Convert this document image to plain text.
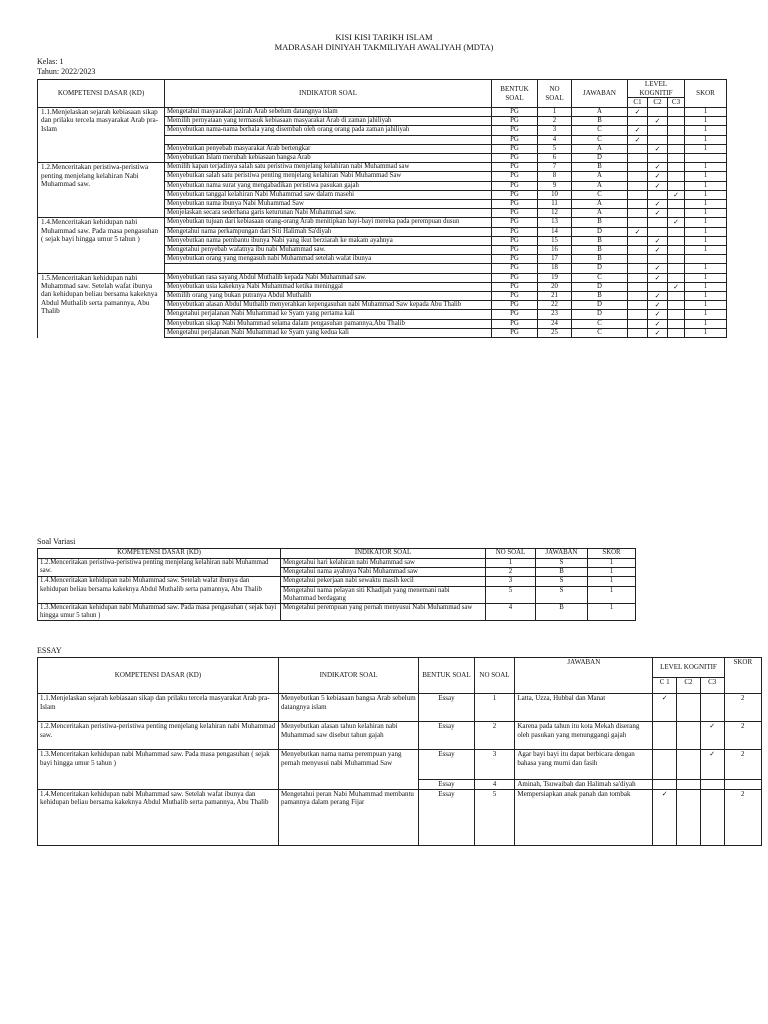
KISI KISI TARIKH ISLAM
MADRASAH DINIYAH TAKMILIYAH AWALIYAH (MDTA)
Kelas: 1
Tahun: 2022/2023
KOMPETENSI DASAR (KD)	INDIKATOR SOAL	BENTUK SOAL	NO SOAL	JAWABAN	LEVEL KOGNITIF			SKOR
					C1	C2	C3	
1.1.Menjelaskan sejarah kebiasaan sikap dan prilaku tercela masyarakat Arab pra-Islam	Mengetahui masyarakat jazirah Arab sebelum datangnya islam	PG	1	A	✓			1
	Memilih pernyataan yang termasuk kebiasaan masyarakat Arab di zaman jahiliyah	PG	2	B		✓		1
	Menyebutkan nama-nama berhala yang disembah oleh orang orang pada zaman jahiliyah	PG	3	C	✓			1
		PG	4	C	✓			1
	Menyebutkan penyebab masyarakat Arab bertengkar	PG	5	A		✓		1
	Menyebutkan Islam merubah kebiasaan bangsa Arab	PG	6	D				
1.2.Menceritakan peristiwa-peristiwa penting menjelang kelahiran Nabi Muhammad saw.	Memilih kapan terjadinya salah satu peristiwa menjelang kelahiran nabi Muhammad saw	PG	7	B		✓		1
	Menyebutkan salah satu peristiwa penting menjelang kelahiran Nabi Muhammad Saw	PG	8	A		✓		1
	Menyebutkan nama surat yang mengabadikan peristiwa pasukan gajah	PG	9	A		✓		1
	Menyebutkan tanggal kelahiran Nabi Muhammad saw dalam masehi	PG	10	C			✓	1
	Menyebutkan nama ibunya Nabi Muhammad Saw	PG	11	A		✓		1
	Menjelaskan secara sederhana garis keturunan Nabi Muhammad saw.	PG	12	A		✓		1
1.4.Menceritakan kehidupan nabi Muhammad saw. Pada masa pengasuhan ( sejak bayi hingga umur 5 tahun )	Menyebutkan tujuan dari kebiasaan orang-orang Arab menitipkan bayi-bayi mereka pada perempuan dusun	PG	13	B			✓	1
	Mengetahui nama perkampungan dari Siti Halimah Sa'diyah	PG	14	D	✓			1
	Menyebutkan nama pembantu ibunya Nabi yang ikut berziarah ke makam ayahnya	PG	15	B		✓		1
	Mengetahui penyebab wafatnya ibu nabi Muhammad saw.	PG	16	B		✓		1
	Menyebutkan orang yang mengasuh nabi Muhammad setelah wafat ibunya	PG	17	B				
		PG	18	D		✓		1
1.5.Menceritakan kehidupan nabi Muhammad saw. Setelah wafat ibunya dan kehidupan beliau bersama kakeknya Abdul Muthalib serta pamannya, Abu Thalib	Menyebutkan rasa sayang Abdul Muthalib kepada Nabi Muhammad saw.	PG	19	C		✓		1
	Menyebutkan usia kakeknya Nabi Muhammad ketika meninggal	PG	20	D			✓	1
	Memilih orang yang bukan putranya Abdul Muthalib	PG	21	B		✓		1
	Menyebutkan alasan Abdul Muthalib menyerahkan kepengasuhan nabi Muhammad Saw kepada Abu Thalib	PG	22	D		✓		1
	Mengetahui perjalanan Nabi Muhammad ke Syam yang pertama kali	PG	23	D		✓		1
	Menyebutkan sikap Nabi Muhammad selama dalam pengasuhan pamannya,Abu Thalib	PG	24	C		✓		1
	Mengetahui perjalanan Nabi Muhammad ke Syam yang kedua kali	PG	25	C		✓		1
Soal Variasi
KOMPETENSI DASAR (KD)	INDIKATOR SOAL	NO SOAL	JAWABAN	SKOR
1.2.Menceritakan peristiwa-peristiwa penting menjelang kelahiran nabi Muhammad saw.	Mengetahui hari kelahiran nabi Muhammad saw	1	S	1
	Mengetahui nama ayahnya Nabi Muhammad saw	2	B	1
1.4.Menceritakan kehidupan nabi Muhammad saw. Setelah wafat ibunya dan kehidupan beliau bersama kakeknya Abdul Muthalib serta pamannya, Abu Thalib	Mengetahui pekerjaan nabi sewaktu masih kecil	3	S	1
	Mengetahui nama pelayan siti Khadijah yang menemani nabi Muhammad berdagang	5	S	1
1.3.Menceritakan kehidupan nabi Muhammad saw. Pada masa pengasuhan ( sejak bayi hingga umur 5 tahun )	Mengetahui perempuan yang pernah menyusui Nabi Muhammad saw	4	B	1
ESSAY
KOMPETENSI DASAR (KD)	INDIKATOR SOAL	BENTUK SOAL	NO SOAL	JAWABAN	LEVEL KOGNITIF			SKOR
					C 1	C2	C3	
1.1.Menjelaskan sejarah kebiasaan sikap dan prilaku tercela masyarakat Arab pra-Islam	Menyebutkan 5 kebiasaan bangsa Arab sebelum datangnya islam	Essay	1	Latta, Uzza, Hubbal dan Manat	✓			2
1.2.Menceritakan peristiwa-peristiwa penting menjelang kelahiran nabi Muhammad saw.	Menyebutkan alasan tahun kelahiran nabi Muhammad saw disebut tahun gajah	Essay	2	Karena pada tahun itu kota Mekah diserang oleh pasukan yang menunggangi gajah			✓	2
1.3.Menceritakan kehidupan nabi Muhammad saw. Pada masa pengasuhan ( sejak bayi hingga umur 5 tahun )	Menyebutkan nama nama perempuan yang pernah menyusui nabi Muhammad Saw	Essay	3	Agar bayi bayi itu dapat berbicara dengan bahasa yang murni dan fasih			✓	2
		Essay	4	Aminah, Tsuwaibah dan Halimah sa'diyah				
1.4.Menceritakan kehidupan nabi Muhammad saw. Setelah wafat ibunya dan kehidupan beliau bersama kakeknya Abdul Muthalib serta pamannya, Abu Thalib	Mengetahui peran Nabi Muhammad membantu pamannya dalam perang Fijar	Essay	5	Mempersiapkan anak panah dan tombak	✓			2
